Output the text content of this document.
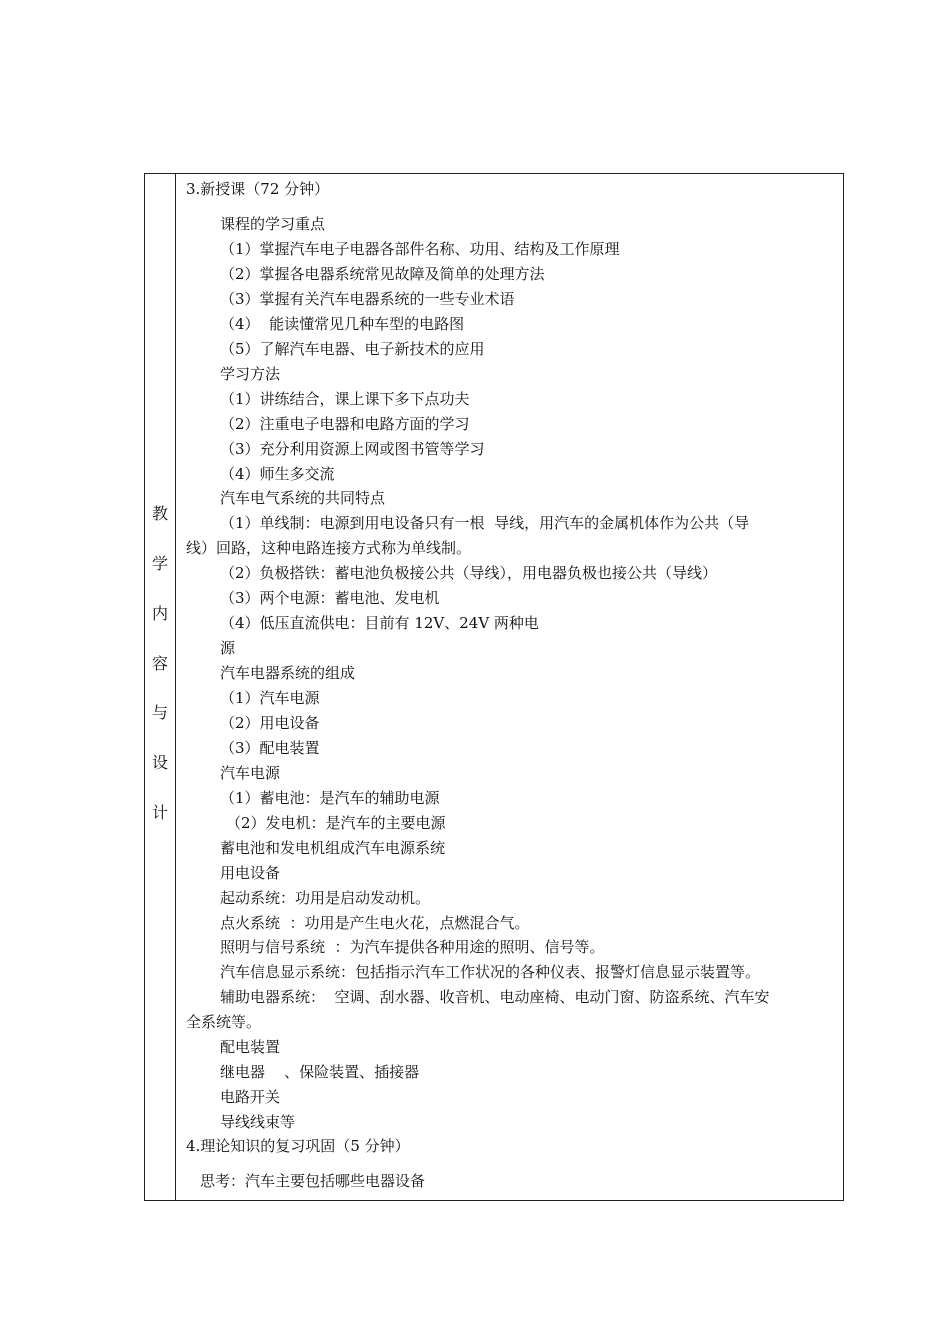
教
学
内
容
与
设
计
3.新授课（72 分钟）
课程的学习重点
（1）掌握汽车电子电器各部件名称、功用、结构及工作原理
（2）掌握各电器系统常见故障及简单的处理方法
（3）掌握有关汽车电器系统的一些专业术语
（4）  能读懂常见几种车型的电路图
（5）了解汽车电器、电子新技术的应用
学习方法
（1）讲练结合，课上课下多下点功夫
（2）注重电子电器和电路方面的学习
（3）充分利用资源上网或图书管等学习
（4）师生多交流
汽车电气系统的共同特点
（1）单线制：电源到用电设备只有一根  导线，用汽车的金属机体作为公共（导
线）回路，这种电路连接方式称为单线制。
（2）负极搭铁：蓄电池负极接公共（导线），用电器负极也接公共（导线）
（3）两个电源：蓄电池、发电机
（4）低压直流供电：目前有 12V、24V 两种电
源
汽车电器系统的组成
（1）汽车电源
（2）用电设备
（3）配电装置
汽车电源
（1）蓄电池：是汽车的辅助电源
（2）发电机：是汽车的主要电源
蓄电池和发电机组成汽车电源系统
用电设备
起动系统：功用是启动发动机。
点火系统  ：功用是产生电火花，点燃混合气。
照明与信号系统  ：为汽车提供各种用途的照明、信号等。
汽车信息显示系统：包括指示汽车工作状况的各种仪表、报警灯信息显示装置等。
辅助电器系统：  空调、刮水器、收音机、电动座椅、电动门窗、防盗系统、汽车安
全系统等。
配电装置
继电器    、保险装置、插接器
电路开关
导线线束等
4.理论知识的复习巩固（5 分钟）
思考：汽车主要包括哪些电器设备
